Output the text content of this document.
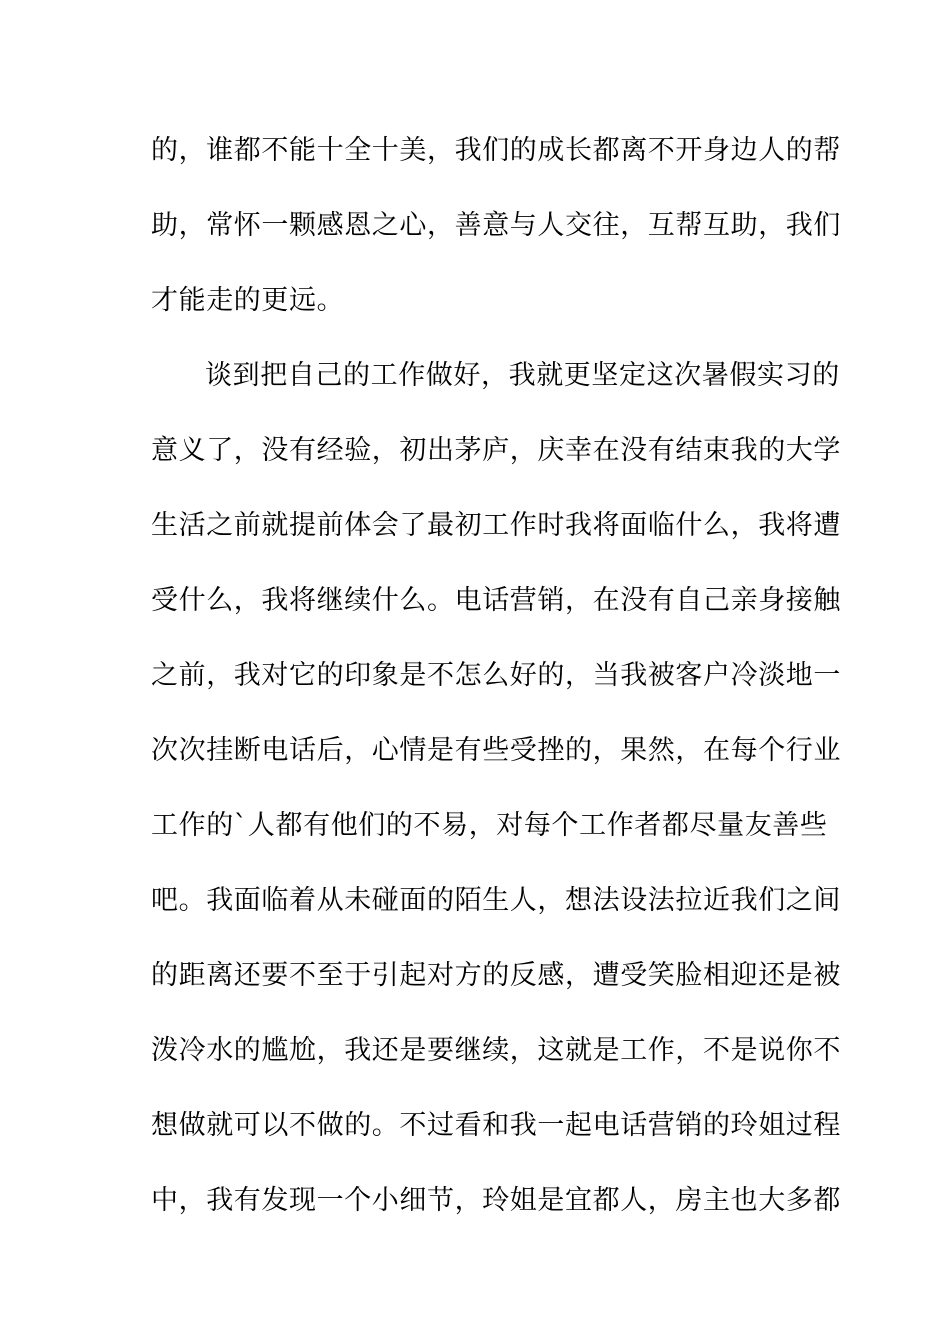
的，谁都不能十全十美，我们的成长都离不开身边人的帮
助，常怀一颗感恩之心，善意与人交往，互帮互助，我们
才能走的更远。
谈到把自己的工作做好，我就更坚定这次暑假实习的
意义了，没有经验，初出茅庐，庆幸在没有结束我的大学
生活之前就提前体会了最初工作时我将面临什么，我将遭
受什么，我将继续什么。电话营销，在没有自己亲身接触
之前，我对它的印象是不怎么好的，当我被客户冷淡地一
次次挂断电话后，心情是有些受挫的，果然，在每个行业
工作的`人都有他们的不易，对每个工作者都尽量友善些
吧。我面临着从未碰面的陌生人，想法设法拉近我们之间
的距离还要不至于引起对方的反感，遭受笑脸相迎还是被
泼冷水的尴尬，我还是要继续，这就是工作，不是说你不
想做就可以不做的。不过看和我一起电话营销的玲姐过程
中，我有发现一个小细节，玲姐是宜都人，房主也大多都
